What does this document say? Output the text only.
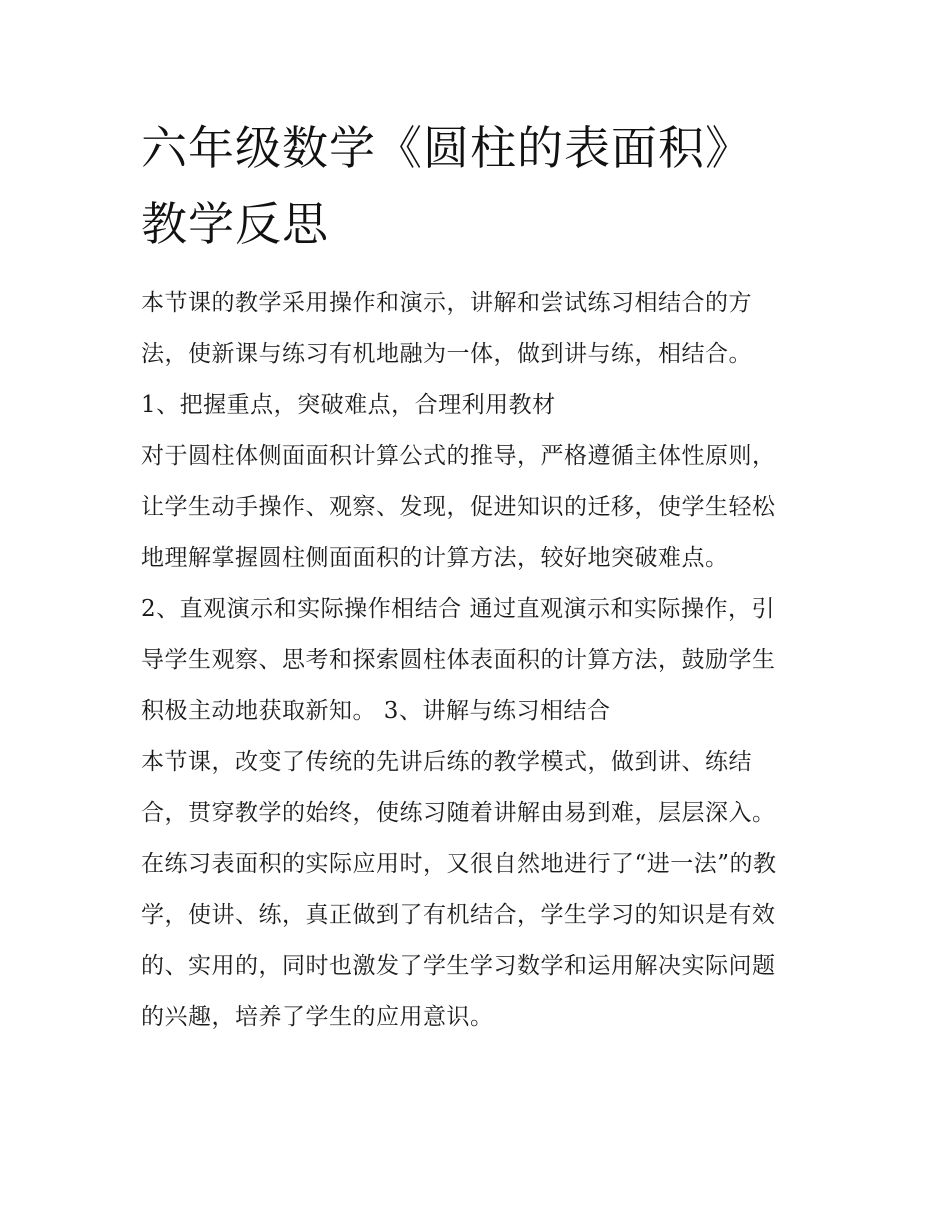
六年级数学《圆柱的表面积》
教学反思

本节课的教学采用操作和演示，讲解和尝试练习相结合的方

法，使新课与练习有机地融为一体，做到讲与练，相结合。

1、把握重点，突破难点，合理利用教材

对于圆柱体侧面面积计算公式的推导，严格遵循主体性原则，

让学生动手操作、观察、发现，促进知识的迁移，使学生轻松

地理解掌握圆柱侧面面积的计算方法，较好地突破难点。

2、直观演示和实际操作相结合 通过直观演示和实际操作，引

导学生观察、思考和探索圆柱体表面积的计算方法，鼓励学生

积极主动地获取新知。 3、讲解与练习相结合

本节课，改变了传统的先讲后练的教学模式，做到讲、练结

合，贯穿教学的始终，使练习随着讲解由易到难，层层深入。

在练习表面积的实际应用时，又很自然地进行了“进一法”的教

学，使讲、练，真正做到了有机结合，学生学习的知识是有效

的、实用的，同时也激发了学生学习数学和运用解决实际问题

的兴趣，培养了学生的应用意识。
